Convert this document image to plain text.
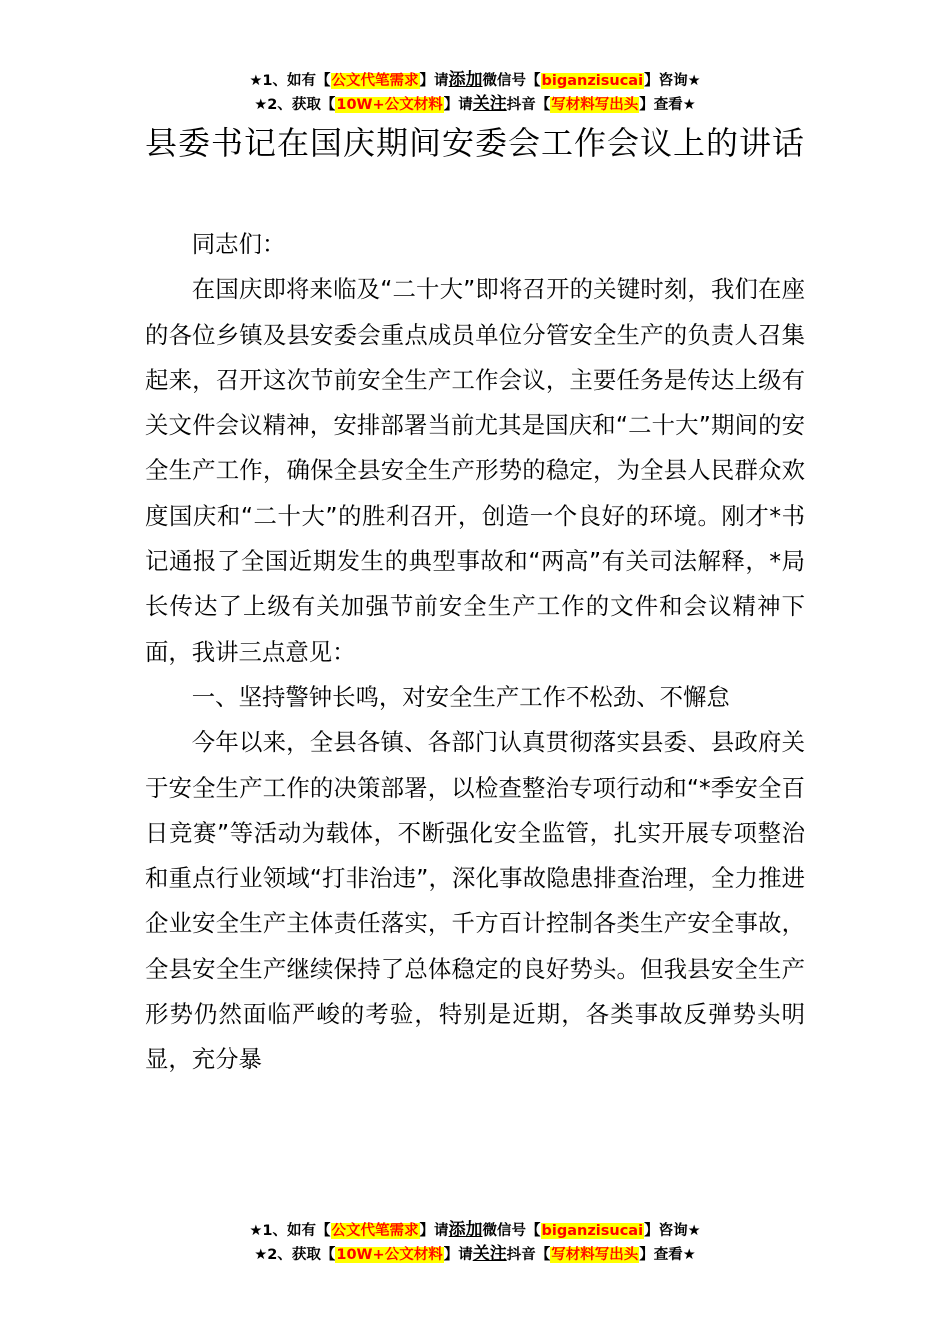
★1、如有【公文代笔需求】请添加微信号【biganzisucai】咨询★
★2、获取【10W+公文材料】请关注抖音【写材料写出头】查看★
县委书记在国庆期间安委会工作会议上的讲话

同志们：

在国庆即将来临及“二十大”即将召开的关键时刻，我们在座的各位乡镇及县安委会重点成员单位分管安全生产的负责人召集起来，召开这次节前安全生产工作会议，主要任务是传达上级有关文件会议精神，安排部署当前尤其是国庆和“二十大”期间的安全生产工作，确保全县安全生产形势的稳定，为全县人民群众欢度国庆和“二十大”的胜利召开，创造一个良好的环境。刚才*书记通报了全国近期发生的典型事故和“两高”有关司法解释，*局长传达了上级有关加强节前安全生产工作的文件和会议精神下面，我讲三点意见：

一、坚持警钟长鸣，对安全生产工作不松劲、不懈怠

今年以来，全县各镇、各部门认真贯彻落实县委、县政府关于安全生产工作的决策部署，以检查整治专项行动和“*季安全百日竞赛”等活动为载体，不断强化安全监管，扎实开展专项整治和重点行业领域“打非治违”，深化事故隐患排查治理，全力推进企业安全生产主体责任落实，千方百计控制各类生产安全事故，全县安全生产继续保持了总体稳定的良好势头。但我县安全生产形势仍然面临严峻的考验，特别是近期，各类事故反弹势头明显，充分暴

★1、如有【公文代笔需求】请添加微信号【biganzisucai】咨询★
★2、获取【10W+公文材料】请关注抖音【写材料写出头】查看★
